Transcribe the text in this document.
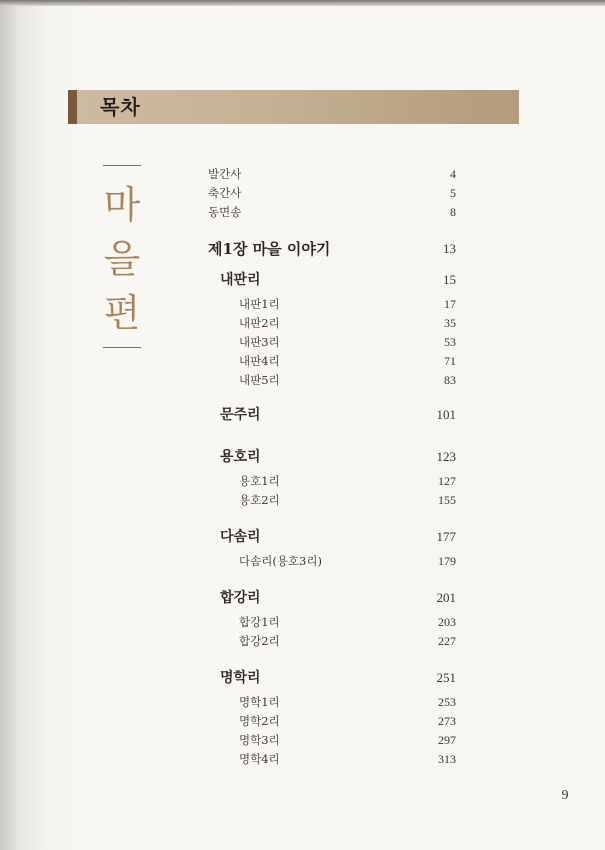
목차
마을편
발간사	4
축간사	5
동면송	8
제1장 마을 이야기	13
내판리	15
내판1리	17
내판2리	35
내판3리	53
내판4리	71
내판5리	83
문주리	101
용호리	123
용호1리	127
용호2리	155
다솜리	177
다솜리(용호3리)	179
합강리	201
합강1리	203
합강2리	227
명학리	251
명학1리	253
명학2리	273
명학3리	297
명학4리	313
9
